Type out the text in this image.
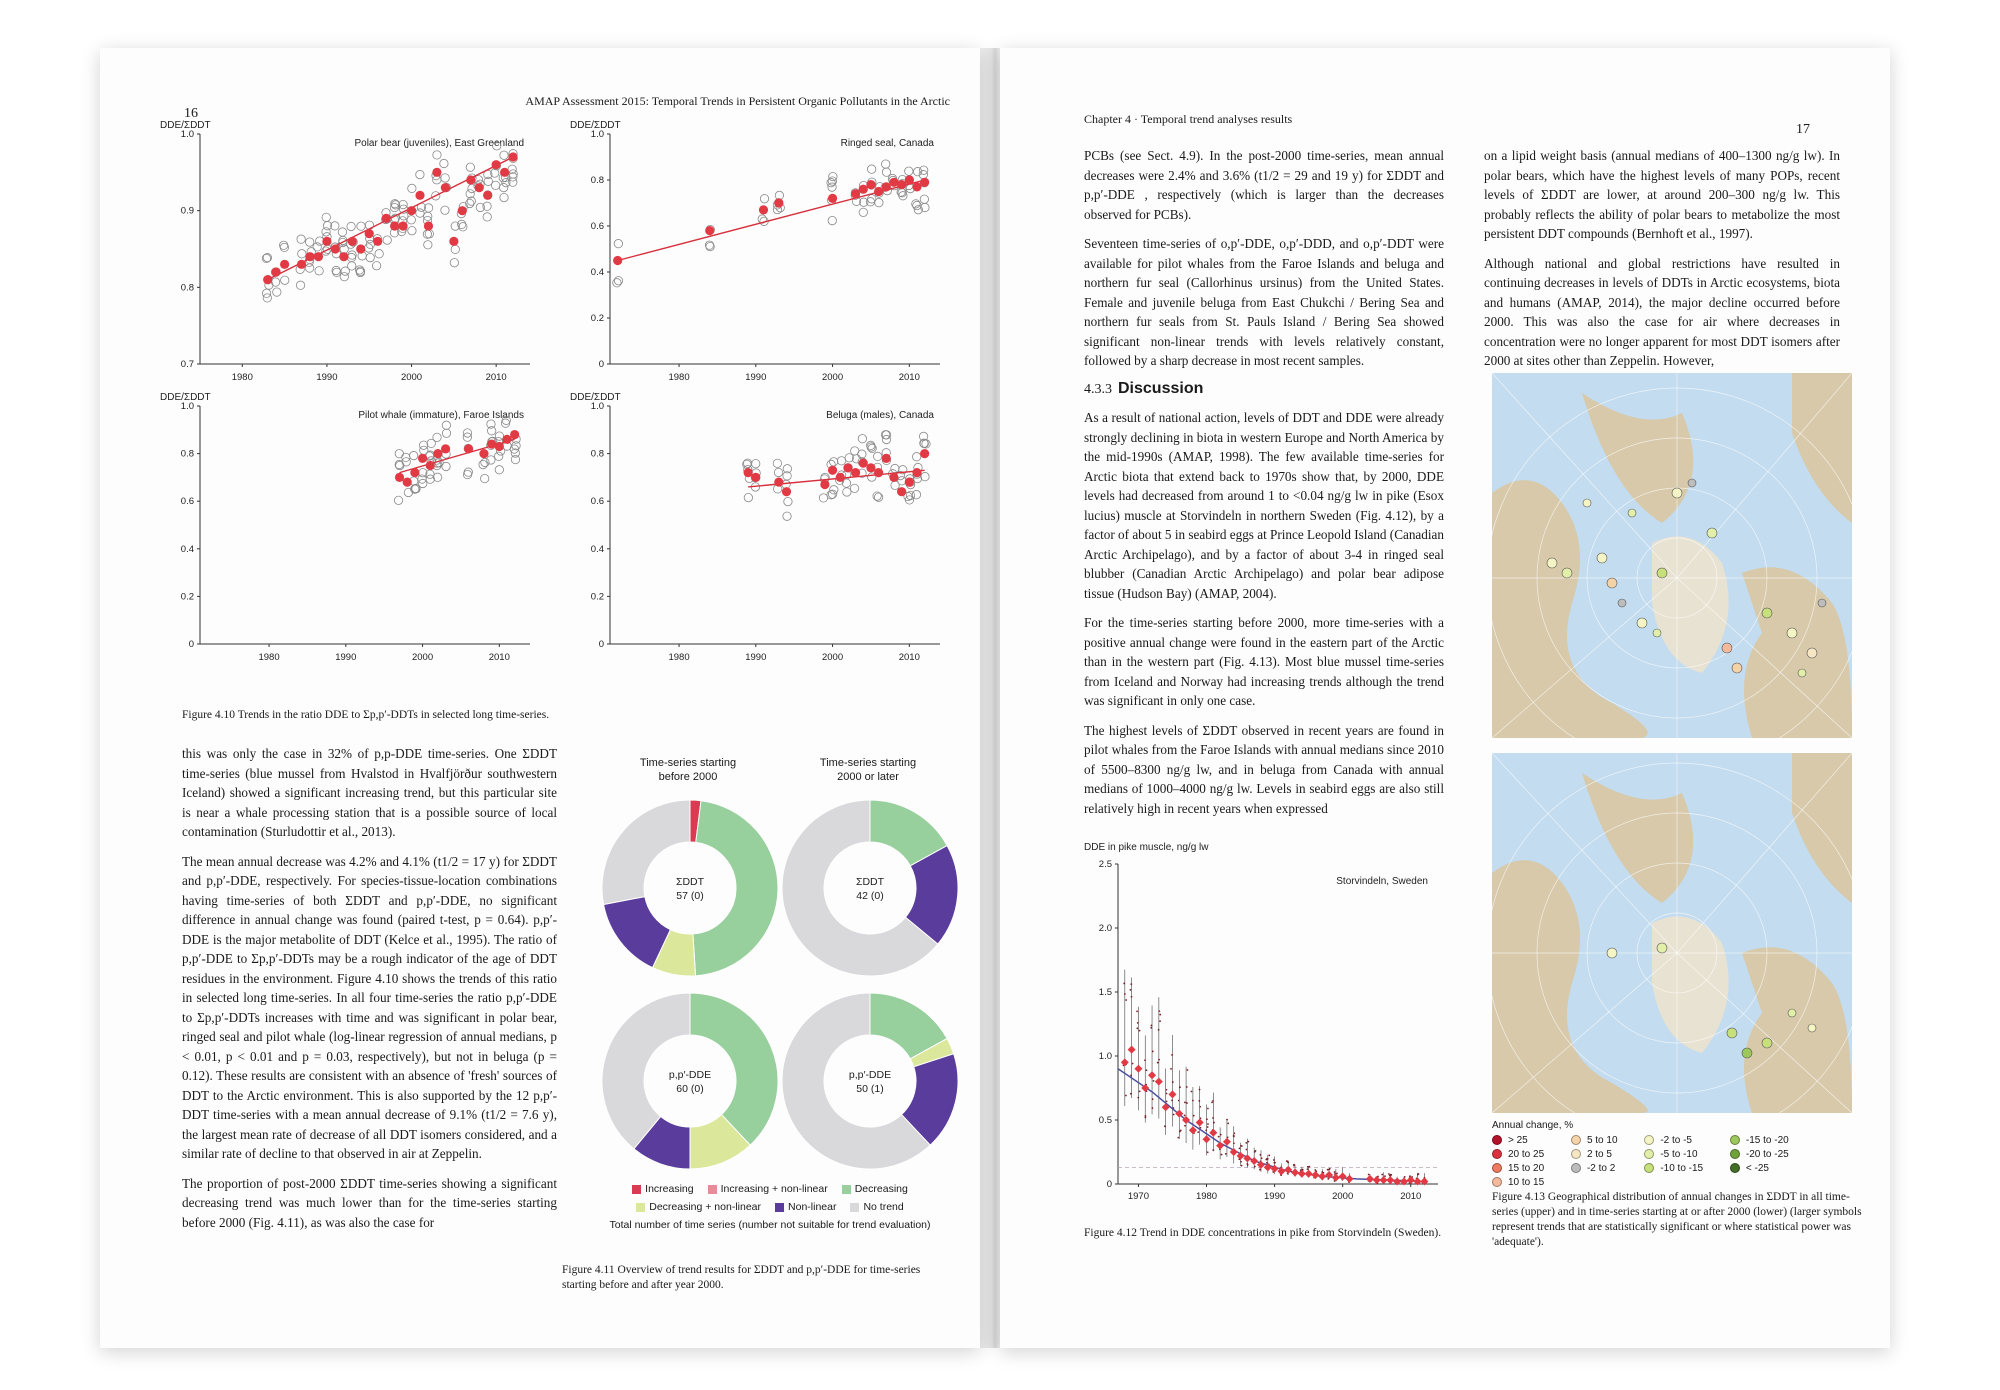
16
AMAP Assessment 2015: Temporal Trends in Persistent Organic Pollutants in the Arctic
DDE/ΣDDT
0.7
0.8
0.9
1.0
1980	1990	2000	2010
Polar bear (juveniles), East Greenland
DDE/ΣDDT
0
0.2
0.4
0.6
0.8
1.0
1980	1990	2000	2010
Ringed seal, Canada
DDE/ΣDDT
0
0.2
0.4
0.6
0.8
1.0
1980	1990	2000	2010
Pilot whale (immature), Faroe Islands
DDE/ΣDDT
0
0.2
0.4
0.6
0.8
1.0
1980	1990	2000	2010
Beluga (males), Canada
Figure 4.10 Trends in the ratio DDE to Σp,p′-DDTs in selected long time-series.

this was only the case in 32% of p,p-DDE time-series. One ΣDDT time-series (blue mussel from Hvalstod in Hvalfjörður southwestern Iceland) showed a significant increasing trend, but this particular site is near a whale processing station that is a possible source of local contamination (Sturludottir et al., 2013).

The mean annual decrease was 4.2% and 4.1% (t1/2 = 17 y) for ΣDDT and p,p′-DDE, respectively. For species-tissue-location combinations having time-series of both ΣDDT and p,p′-DDE, no significant difference in annual change was found (paired t-test, p = 0.64). p,p′-DDE is the major metabolite of DDT (Kelce et al., 1995). The ratio of p,p′-DDE to Σp,p′-DDTs may be a rough indicator of the age of DDT residues in the environment. Figure 4.10 shows the trends of this ratio in selected long time-series. In all four time-series the ratio p,p′-DDE to Σp,p′-DDTs increases with time and was significant in polar bear, ringed seal and pilot whale (log-linear regression of annual medians, p < 0.01, p < 0.01 and p = 0.03, respectively), but not in beluga (p = 0.12). These results are consistent with an absence of 'fresh' sources of DDT to the Arctic environment. This is also supported by the 12 p,p′-DDT time-series with a mean annual decrease of 9.1% (t1/2 = 7.6 y), the largest mean rate of decrease of all DDT isomers considered, and a similar rate of decline to that observed in air at Zeppelin.

The proportion of post-2000 ΣDDT time-series showing a significant decreasing trend was much lower than for the time-series starting before 2000 (Fig. 4.11), as was also the case for

Time-series starting
before 2000
Time-series starting
2000 or later
ΣDDT
57 (0)
ΣDDT
42 (0)
p,p′-DDE
60 (0)
p,p′-DDE
50 (1)
Increasing	Increasing + non-linear	Decreasing
Decreasing + non-linear	Non-linear	No trend
Total number of time series (number not suitable for trend evaluation)
Figure 4.11 Overview of trend results for ΣDDT and p,p′-DDE for time-series starting before and after year 2000.
Chapter 4 · Temporal trend analyses results
17

PCBs (see Sect. 4.9). In the post-2000 time-series, mean annual decreases were 2.4% and 3.6% (t1/2 = 29 and 19 y) for ΣDDT and p,p′-DDE , respectively (which is larger than the decreases observed for PCBs).

Seventeen time-series of o,p′-DDE, o,p′-DDD, and o,p′-DDT were available for pilot whales from the Faroe Islands and beluga and northern fur seal (Callorhinus ursinus) from the United States. Female and juvenile beluga from East Chukchi / Bering Sea and northern fur seals from St. Pauls Island / Bering Sea showed significant non-linear trends with levels relatively constant, followed by a sharp decrease in most recent samples.

4.3.3 Discussion

As a result of national action, levels of DDT and DDE were already strongly declining in biota in western Europe and North America by the mid-1990s (AMAP, 1998). The few available time-series for Arctic biota that extend back to 1970s show that, by 2000, DDE levels had decreased from around 1 to <0.04 ng/g lw in pike (Esox lucius) muscle at Storvindeln in northern Sweden (Fig. 4.12), by a factor of about 5 in seabird eggs at Prince Leopold Island (Canadian Arctic Archipelago), and by a factor of about 3-4 in ringed seal blubber (Canadian Arctic Archipelago) and polar bear adipose tissue (Hudson Bay) (AMAP, 2004).

For the time-series starting before 2000, more time-series with a positive annual change were found in the eastern part of the Arctic than in the western part (Fig. 4.13). Most blue mussel time-series from Iceland and Norway had increasing trends although the trend was significant in only one case.

The highest levels of ΣDDT observed in recent years are found in pilot whales from the Faroe Islands with annual medians since 2010 of 5500–8300 ng/g lw, and in beluga from Canada with annual medians of 1000–4000 ng/g lw. Levels in seabird eggs are also still relatively high in recent years when expressed

DDE in pike muscle, ng/g lw
0
0.5
1.0
1.5
2.0
2.5
1970	1980	1990	2000	2010
Storvindeln, Sweden
Figure 4.12 Trend in DDE concentrations in pike from Storvindeln (Sweden).

on a lipid weight basis (annual medians of 400–1300 ng/g lw). In polar bears, which have the highest levels of many POPs, recent levels of ΣDDT are lower, at around 200–300 ng/g lw. This probably reflects the ability of polar bears to metabolize the most persistent DDT compounds (Bernhoft et al., 1997).

Although national and global restrictions have resulted in continuing decreases in levels of DDTs in Arctic ecosystems, biota and humans (AMAP, 2014), the major decline occurred before 2000. This was also the case for air where decreases in concentration were no longer apparent for most DDT isomers after 2000 at sites other than Zeppelin. However,

Annual change, %
> 25
20 to 25
15 to 20
10 to 15

5 to 10
2 to 5
-2 to 2

-2 to -5
-5 to -10
-10 to -15

-15 to -20
-20 to -25
< -25
Figure 4.13 Geographical distribution of annual changes in ΣDDT in all time-series (upper) and in time-series starting at or after 2000 (lower) (larger symbols represent trends that are statistically significant or where statistical power was 'adequate').
